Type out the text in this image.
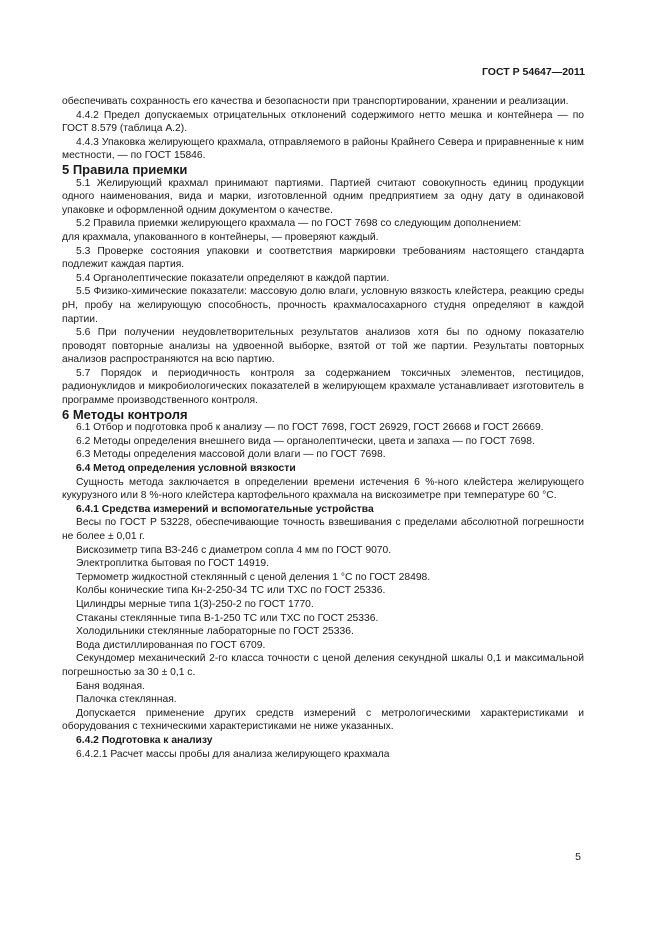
ГОСТ Р 54647—2011

обеспечивать сохранность его качества и безопасности при транспортировании, хранении и реализации.

4.4.2 Предел допускаемых отрицательных отклонений содержимого нетто мешка и контейнера — по ГОСТ 8.579 (таблица А.2).

4.4.3 Упаковка желирующего крахмала, отправляемого в районы Крайнего Севера и приравненные к ним местности, — по ГОСТ 15846.

5 Правила приемки

5.1 Желирующий крахмал принимают партиями. Партией считают совокупность единиц продукции одного наименования, вида и марки, изготовленной одним предприятием за одну дату в одинаковой упаковке и оформленной одним документом о качестве.

5.2 Правила приемки желирующего крахмала — по ГОСТ 7698 со следующим дополнением:

для крахмала, упакованного в контейнеры, — проверяют каждый.

5.3 Проверке состояния упаковки и соответствия маркировки требованиям настоящего стандарта подлежит каждая партия.

5.4 Органолептические показатели определяют в каждой партии.

5.5 Физико-химические показатели: массовую долю влаги, условную вязкость клейстера, реакцию среды рН, пробу на желирующую способность, прочность крахмалосахарного студня определяют в каждой партии.

5.6 При получении неудовлетворительных результатов анализов хотя бы по одному показателю проводят повторные анализы на удвоенной выборке, взятой от той же партии. Результаты повторных анализов распространяются на всю партию.

5.7 Порядок и периодичность контроля за содержанием токсичных элементов, пестицидов, радионуклидов и микробиологических показателей в желирующем крахмале устанавливает изготовитель в программе производственного контроля.

6 Методы контроля

6.1 Отбор и подготовка проб к анализу — по ГОСТ 7698, ГОСТ 26929, ГОСТ 26668 и ГОСТ 26669.

6.2 Методы определения внешнего вида — органолептически, цвета и запаха — по ГОСТ 7698.

6.3 Методы определения массовой доли влаги — по ГОСТ 7698.

6.4 Метод определения условной вязкости

Сущность метода заключается в определении времени истечения 6 %-ного клейстера желирующего кукурузного или 8 %-ного клейстера картофельного крахмала на вискозиметре при температуре 60 °С.

6.4.1 Средства измерений и вспомогательные устройства

Весы по ГОСТ Р 53228, обеспечивающие точность взвешивания с пределами абсолютной погрешности не более ± 0,01 г.

Вискозиметр типа ВЗ-246 с диаметром сопла 4 мм по ГОСТ 9070.

Электроплитка бытовая по ГОСТ 14919.

Термометр жидкостной стеклянный с ценой деления 1 °С по ГОСТ 28498.

Колбы конические типа Кн-2-250-34 ТС или ТХС по ГОСТ 25336.

Цилиндры мерные типа 1(3)-250-2 по ГОСТ 1770.

Стаканы стеклянные типа В-1-250 ТС или ТХС по ГОСТ 25336.

Холодильники стеклянные лабораторные по ГОСТ 25336.

Вода дистиллированная по ГОСТ 6709.

Секундомер механический 2-го класса точности с ценой деления секундной шкалы 0,1 и максимальной погрешностью за 30 ± 0,1 с.

Баня водяная.

Палочка стеклянная.

Допускается применение других средств измерений с метрологическими характеристиками и оборудования с техническими характеристиками не ниже указанных.

6.4.2 Подготовка к анализу

6.4.2.1 Расчет массы пробы для анализа желирующего крахмала

5
